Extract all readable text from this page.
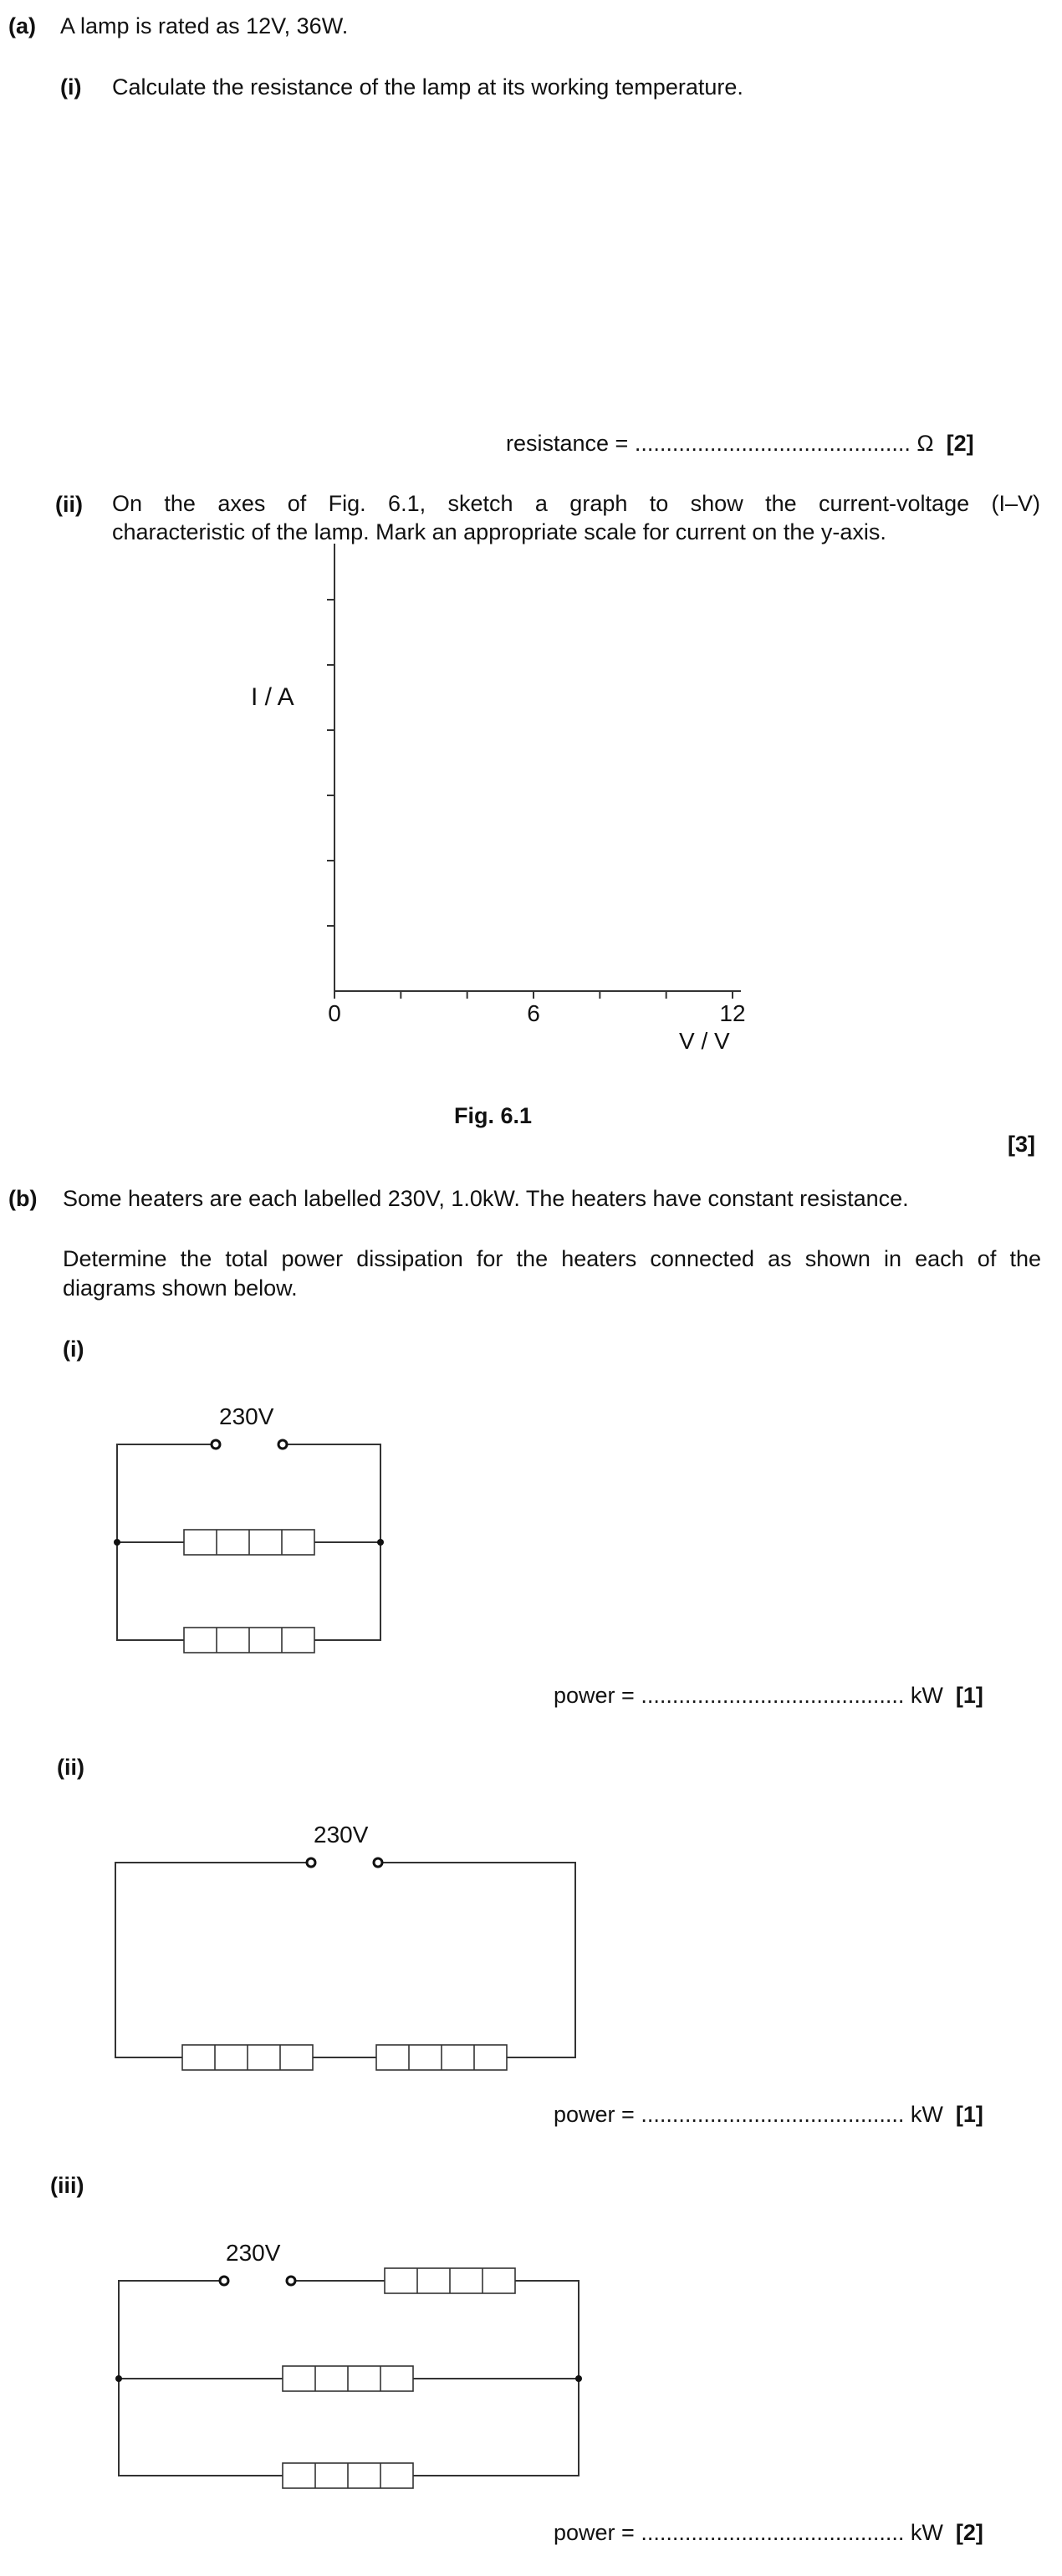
(a) A lamp is rated as 12V, 36W.
(i) Calculate the resistance of the lamp at its working temperature.
resistance = ............................................ Ω [2]
(ii) On the axes of Fig. 6.1, sketch a graph to show the current-voltage (I–V)
characteristic of the lamp. Mark an appropriate scale for current on the y-axis.
I / A
V / V
0	6	12
Fig. 6.1
[3]
(b) Some heaters are each labelled 230V, 1.0kW. The heaters have constant resistance.
Determine the total power dissipation for the heaters connected as shown in each of the
diagrams shown below.
(i)
230V
power = .......................................... kW [1]
(ii)
230V
power = .......................................... kW [1]
(iii)
230V
power = .......................................... kW [2]
